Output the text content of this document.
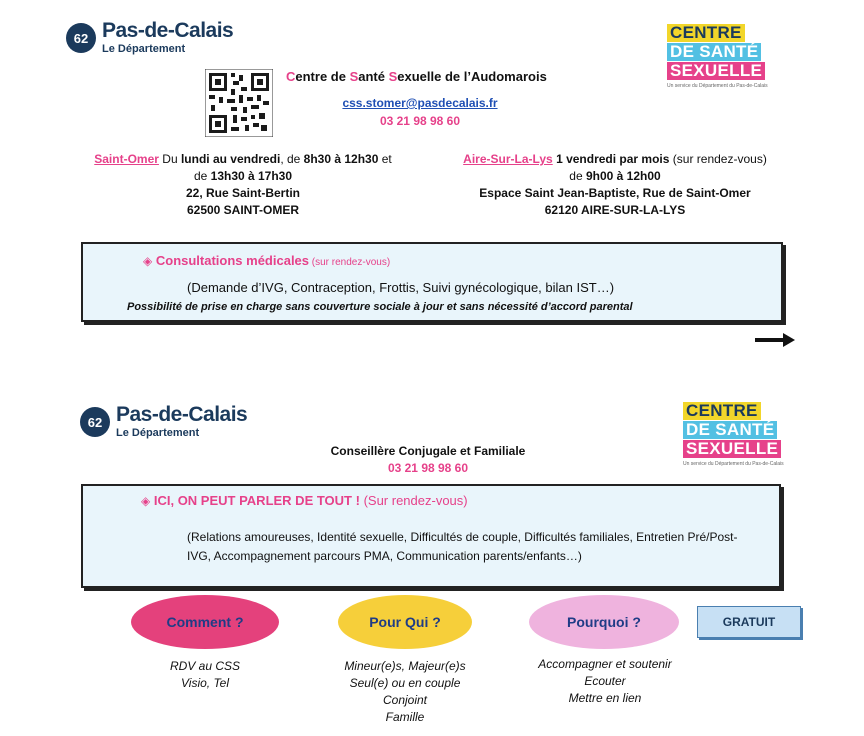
62 Pas-de-Calais
Le Département
CENTRE
DE SANTÉ
SEXUELLE
Un service du Département du Pas-de-Calais
Centre de Santé Sexuelle de l’Audomarois
css.stomer@pasdecalais.fr
03 21 98 98 60
Saint-Omer Du lundi au vendredi, de 8h30 à 12h30 et
de 13h30 à 17h30
22, Rue Saint-Bertin
62500 SAINT-OMER
Aire-Sur-La-Lys 1 vendredi par mois (sur rendez-vous)
de 9h00 à 12h00
Espace Saint Jean-Baptiste, Rue de Saint-Omer
62120 AIRE-SUR-LA-LYS
◈ Consultations médicales (sur rendez-vous)
(Demande d’IVG, Contraception, Frottis, Suivi gynécologique, bilan IST…)
Possibilité de prise en charge sans couverture sociale à jour et sans nécessité d’accord parental
62 Pas-de-Calais
Le Département
CENTRE
DE SANTÉ
SEXUELLE
Un service du Département du Pas-de-Calais
Conseillère Conjugale et Familiale
03 21 98 98 60
◈ ICI, ON PEUT PARLER DE TOUT ! (Sur rendez-vous)
(Relations amoureuses, Identité sexuelle, Difficultés de couple, Difficultés familiales, Entretien Pré/Post-IVG, Accompagnement parcours PMA, Communication parents/enfants…)
Comment ?	Pour Qui ?	Pourquoi ?	GRATUIT
RDV au CSS
Visio, Tel
Mineur(e)s, Majeur(e)s
Seul(e) ou en couple
Conjoint
Famille
Accompagner et soutenir
Ecouter
Mettre en lien
